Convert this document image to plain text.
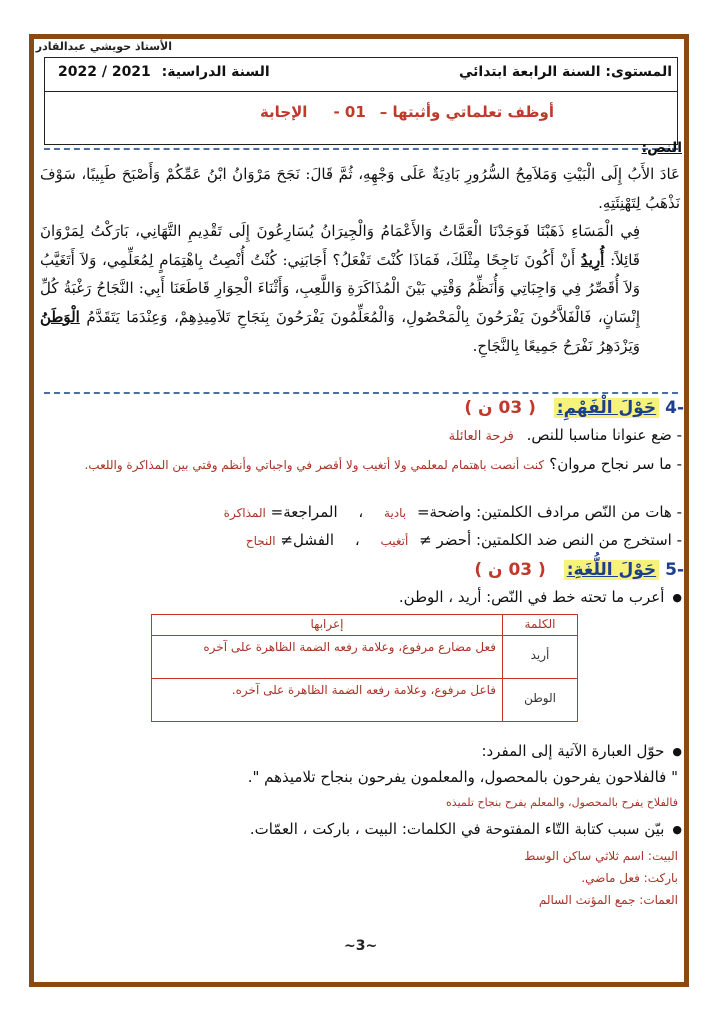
الأستاذ حويشي عبدالقادر
المستوى: السنة الرابعة ابتدائي
السنة الدراسية: 2022 / 2021
أوظف تعلماتي وأثبتها –01 -الإجابة
النص:

عَادَ الأَبُ إِلَى الْبَيْتِ وَمَلاَمِحُ السُّرُورِ بَادِيَةٌ عَلَى وَجْهِهِ، ثُمَّ قَالَ: نَجَحَ مَرْوَانُ ابْنُ عَمِّكُمْ وَأَصْبَحَ طَبِيبًا، سَوْفَ نَذْهَبُ لِتَهْنِئَتِهِ.

فِي الْمَسَاءِ ذَهَبْنَا فَوَجَدْنَا الْعَمَّاتُ وَالأَعْمَامُ وَالْجِيرَانُ يُسَارِعُونَ إِلَى تَقْدِيمِ التَّهَانِي، بَارَكْتُ لِمَرْوَانَ قَائِلاً: أُرِيدُ أَنْ أَكُونَ نَاجِحًا مِثْلَكَ، فَمَاذَا كُنْتَ تَفْعَلُ؟ أَجَابَنِي: كُنْتُ أُنْصِتُ بِاهْتِمَامٍ لِمُعَلِّمِي، وَلاَ أَتَغَيَّبُ وَلاَ أُقَصِّرُ فِي وَاجِبَاتِي وَأُنَظِّمُ وَقْتِي بَيْنَ الْمُذَاكَرَةِ وَاللَّعِبِ، وَأَثْنَاءَ الْحِوَارِ قَاطَعَنَا أَبِي: النَّجَاحُ رَغْبَةُ كُلِّ إِنْسَانٍ، فَالْفَلاَّحُونَ يَفْرَحُونَ بِالْمَحْصُولِ، وَالْمُعَلِّمُونَ يَفْرَحُونَ بِنَجَاحِ تَلاَمِيذِهِمْ، وَعِنْدَمَا يَتَقَدَّمُ الْوَطَنُ وَيَزْدَهِرُ نَفْرَحُ جَمِيعًا بِالنَّجَاحِ.

-4 حَوْلَ الْفَهْمِ: ( 03 ن )
- ضع عنوانا مناسبا للنص. فرحة العائلة
- ما سر نجاح مروان؟ كنت أنصت باهتمام لمعلمي ولا أتغيب ولا أقصر في واجباتي وأنظم وقتي بين المذاكرة واللعب.
- هات من النّص مرادف الكلمتين: واضحة= بادية ، المراجعة= المذاكرة
- استخرج من النص ضد الكلمتين: أحضر ≠ أتغيب ، الفشل≠ النجاح
-5 حَوْلَ اللُّغَةِ: ( 03 ن )
● أعرب ما تحته خط في النّص: أريد ، الوطن.
الكلمة	إعرابها
أريد	فعل مضارع مرفوع، وعلامة رفعه الضمة الظاهرة على آخره
الوطن	فاعل مرفوع، وعلامة رفعه الضمة الظاهرة على آخره.
● حوّل العبارة الآتية إلى المفرد:
" فالفلاحون يفرحون بالمحصول، والمعلمون يفرحون بنجاح تلاميذهم ".
فالفلاح يفرح بالمحصول، والمعلم يفرح بنجاح تلميذه
● بيّن سبب كتابة التّاء المفتوحة في الكلمات: البيت ، باركت ، العمّات.
البيت: اسم ثلاثي ساكن الوسط
باركت: فعل ماضي.
العمات: جمع المؤنث السالم
~3~
